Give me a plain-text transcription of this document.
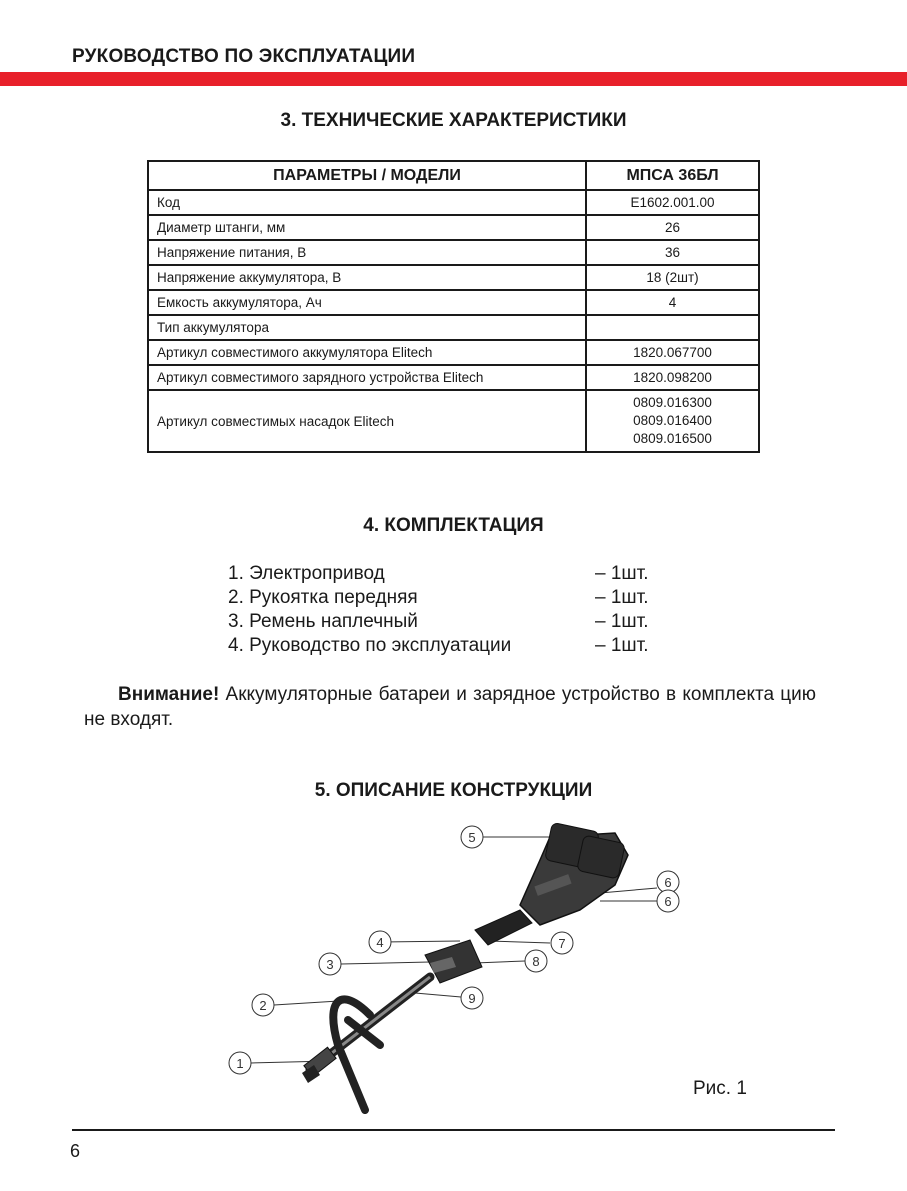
РУКОВОДСТВО ПО ЭКСПЛУАТАЦИИ
3. ТЕХНИЧЕСКИЕ ХАРАКТЕРИСТИКИ
ПАРАМЕТРЫ / МОДЕЛИ	МПСА 36БЛ
Код	E1602.001.00
Диаметр штанги, мм	26
Напряжение питания, В	36
Напряжение аккумулятора, В	18 (2шт)
Емкость аккумулятора, Ач	4
Тип аккумулятора	
Артикул совместимого аккумулятора Elitech	1820.067700
Артикул совместимого зарядного устройства Elitech	1820.098200
Артикул совместимых насадок Elitech	0809.016300
0809.016400
0809.016500
4. КОМПЛЕКТАЦИЯ
1. Электропривод	– 1шт.
2. Рукоятка передняя	– 1шт.
3. Ремень наплечный	– 1шт.
4. Руководство по эксплуатации	– 1шт.
Внимание! Аккумуляторные батареи и зарядное устройство в комплекта цию не входят.
5. ОПИСАНИЕ КОНСТРУКЦИИ
1
2
3
4
5
6
6
7
8
9
Рис. 1
6
